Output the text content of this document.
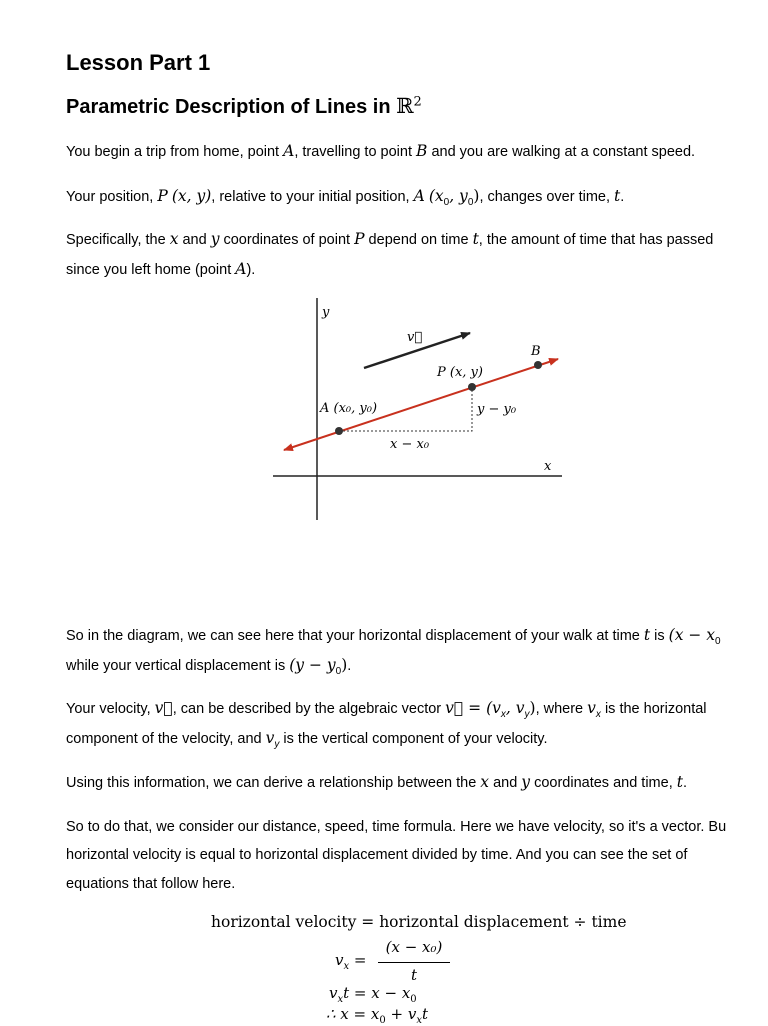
Lesson Part 1
Parametric Description of Lines in ℝ$^2$

You begin a trip from home, point A, travelling to point B and you are walking at a constant speed.

Your position, P (x, y), relative to your initial position, A ($x_0$, $y_0$), changes over time, t.

Specifically, the x and y coordinates of point P depend on time t, the amount of time that has passed

since you left home (point A).

So in the diagram, we can see here that your horizontal displacement of your walk at time t is ($x - x_0$

while your vertical displacement is $(y - y_0)$.

Your velocity, v⃗, can be described by the algebraic vector v⃗ = ($v_x$, $v_y$), where $v_x$ is the horizontal

component of the velocity, and $v_y$ is the vertical component of your velocity.

Using this information, we can derive a relationship between the x and y coordinates and time, t.

So to do that, we consider our distance, speed, time formula. Here we have velocity, so it's a vector. Bu

horizontal velocity is equal to horizontal displacement divided by time. And you can see the set of

equations that follow here.

y
x
v⃗
B
P (x, y)
A (x₀, y₀)	y − y₀
x − x₀
horizontal velocity = horizontal displacement ÷ time
$v_x$ =
(x − x₀)
t
$v_xt = x - x_0$
∴ $x = x_0 + v_xt$
